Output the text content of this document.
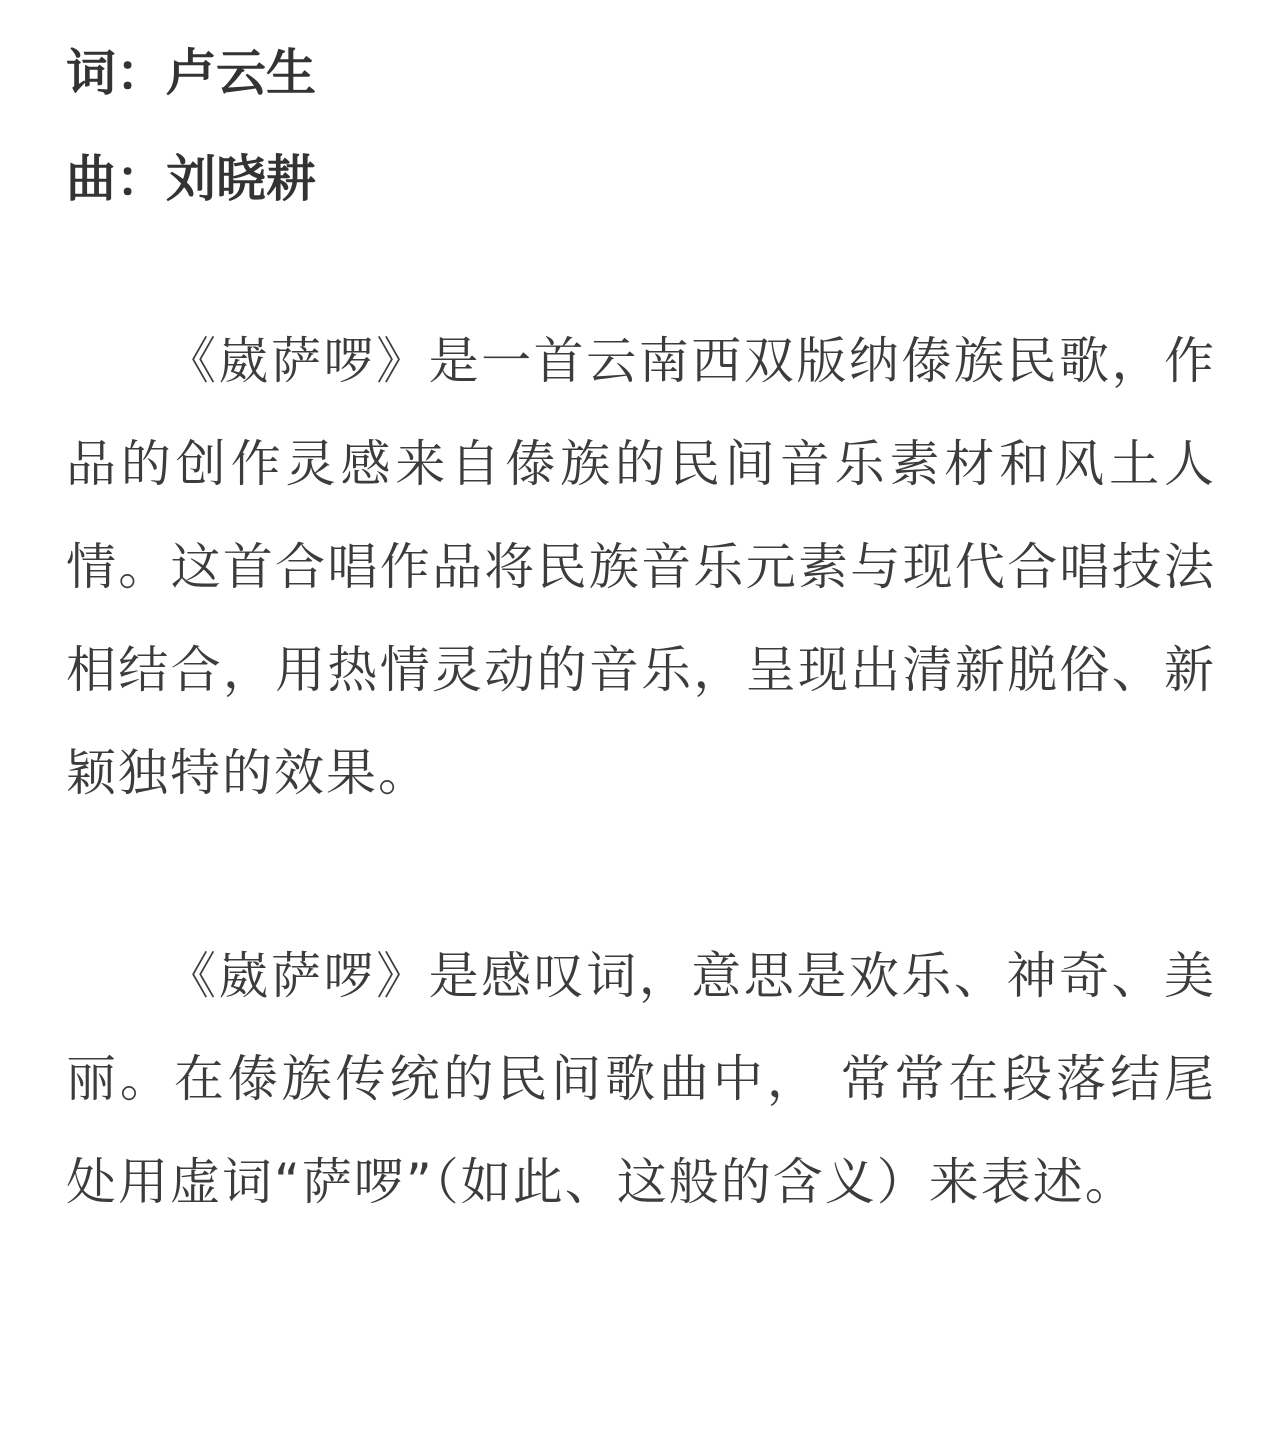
词：卢云生
曲：刘晓耕

《崴萨啰》是一首云南西双版纳傣族民歌，作品的创作灵感来自傣族的民间音乐素材和风土人情。这首合唱作品将民族音乐元素与现代合唱技法相结合，用热情灵动的音乐，呈现出清新脱俗、新颖独特的效果。

《崴萨啰》是感叹词，意思是欢乐、神奇、美丽。在傣族传统的民间歌曲中， 常常在段落结尾处用虚词“萨啰”（如此、这般的含义）来表述。
